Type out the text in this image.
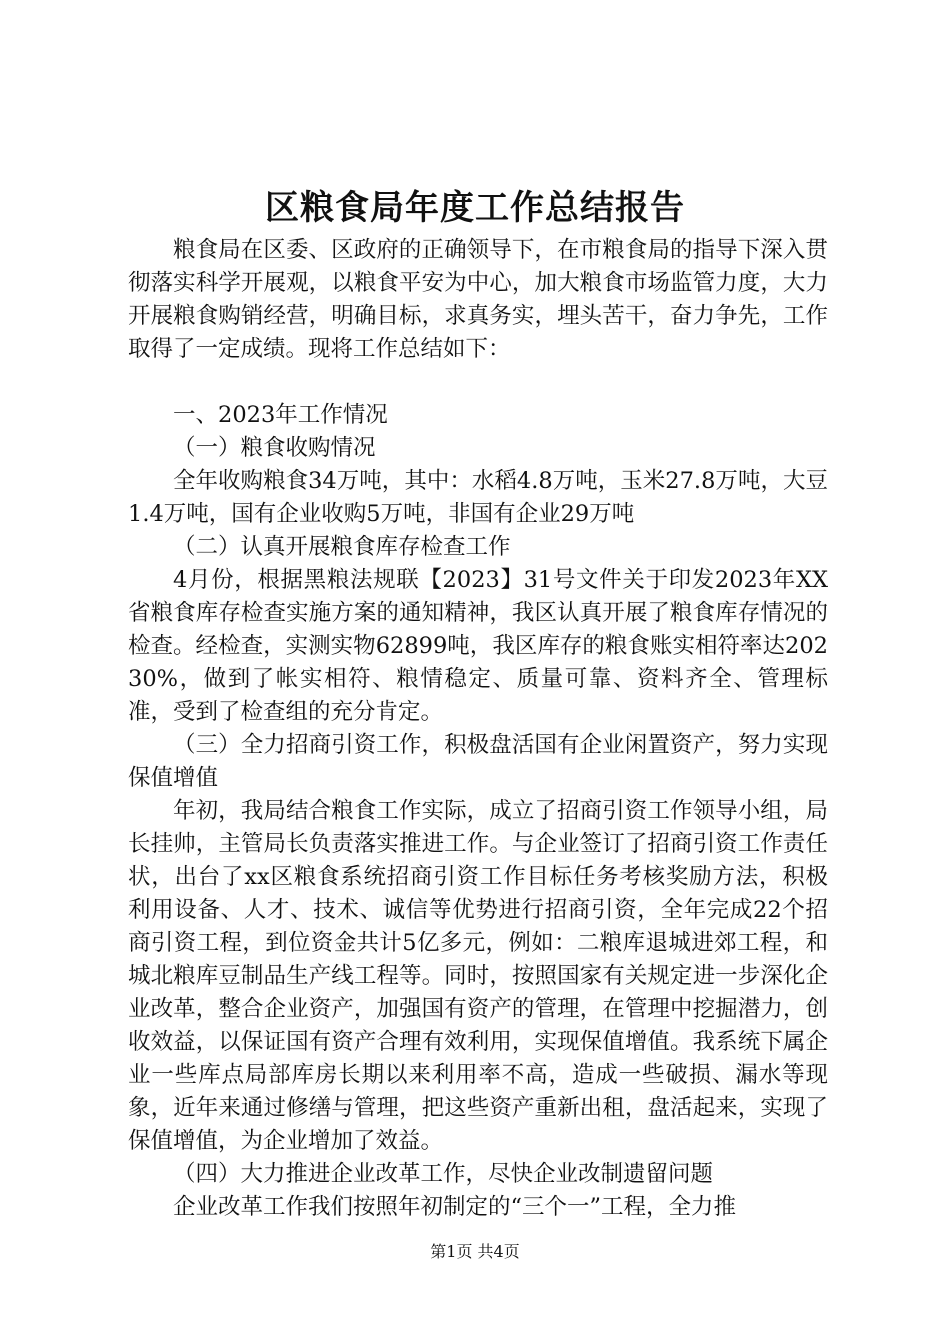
区粮食局年度工作总结报告

粮食局在区委、区政府的正确领导下，在市粮食局的指导下深入贯彻落实科学开展观，以粮食平安为中心，加大粮食市场监管力度，大力开展粮食购销经营，明确目标，求真务实，埋头苦干，奋力争先，工作取得了一定成绩。现将工作总结如下：

一、2023年工作情况

（一）粮食收购情况

全年收购粮食34万吨，其中：水稻4.8万吨，玉米27.8万吨，大豆1.4万吨，国有企业收购5万吨，非国有企业29万吨

（二）认真开展粮食库存检查工作

4月份，根据黑粮法规联【2023】31号文件关于印发2023年XX省粮食库存检查实施方案的通知精神，我区认真开展了粮食库存情况的检查。经检查，实测实物62899吨，我区库存的粮食账实相符率达20230%，做到了帐实相符、粮情稳定、质量可靠、资料齐全、管理标准，受到了检查组的充分肯定。

（三）全力招商引资工作，积极盘活国有企业闲置资产，努力实现保值增值

年初，我局结合粮食工作实际，成立了招商引资工作领导小组，局长挂帅，主管局长负责落实推进工作。与企业签订了招商引资工作责任状，出台了xx区粮食系统招商引资工作目标任务考核奖励方法，积极利用设备、人才、技术、诚信等优势进行招商引资，全年完成22个招商引资工程，到位资金共计5亿多元，例如：二粮库退城进郊工程，和城北粮库豆制品生产线工程等。同时，按照国家有关规定进一步深化企业改革，整合企业资产，加强国有资产的管理，在管理中挖掘潜力，创收效益，以保证国有资产合理有效利用，实现保值增值。我系统下属企业一些库点局部库房长期以来利用率不高，造成一些破损、漏水等现象，近年来通过修缮与管理，把这些资产重新出租，盘活起来，实现了保值增值，为企业增加了效益。

（四）大力推进企业改革工作，尽快企业改制遗留问题

企业改革工作我们按照年初制定的“三个一”工程，全力推

第1页 共4页
